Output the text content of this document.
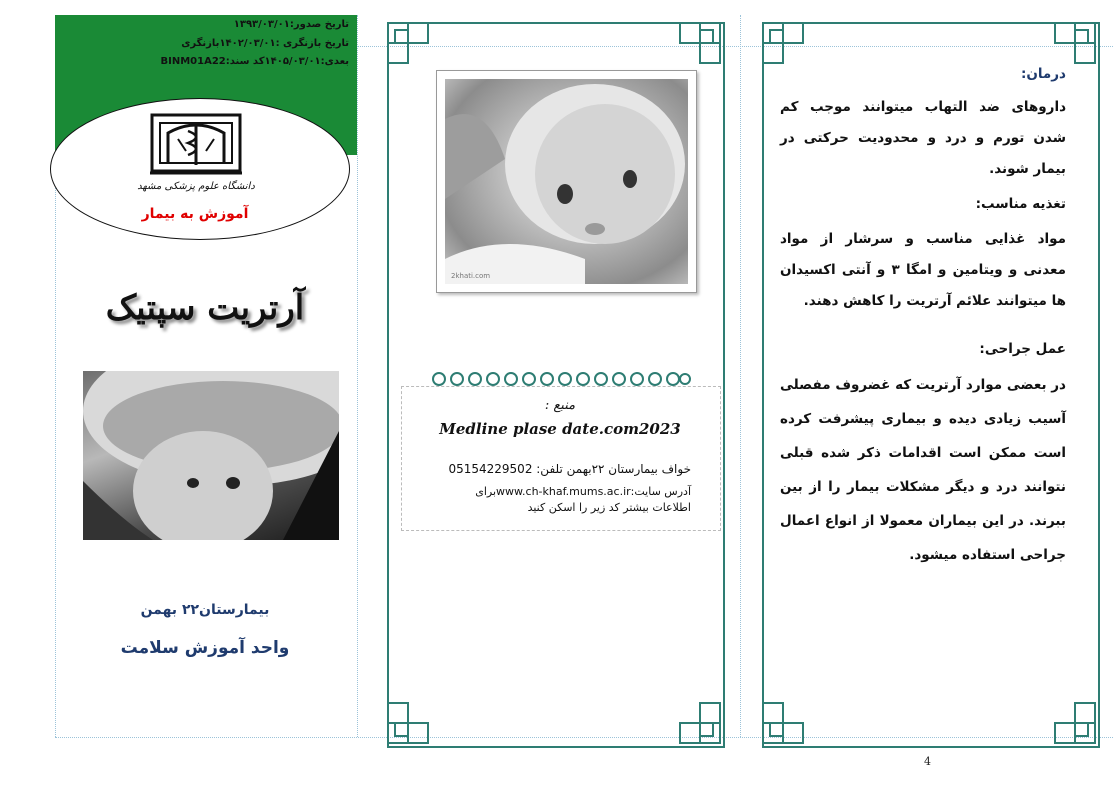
تاریخ صدور:۱۳۹۳/۰۳/۰۱
تاریخ بازنگری :۱۴۰۲/۰۳/۰۱بازنگری
بعدی:۱۴۰۵/۰۳/۰۱کد سند:BINM01A22
دانشگاه علوم پزشکی مشهد
آموزش به بیمار
آرتریت سپتیک
بیمارستان۲۲ بهمن
واحد آموزش سلامت
2khati.com
منبع :
Medline plase date.com2023
خواف بیمارستان ۲۲بهمن تلفن: 05154229502
آدرس سایت:www.ch-khaf.mums.ac.irبرای
اطلاعات بیشتر کد زیر را اسکن کنید
درمان:
داروهای ضد التهاب میتوانند موجب کم شدن تورم و درد و محدودیت حرکتی در بیمار شوند.
تغذیه مناسب:
مواد غذایی مناسب و سرشار از مواد معدنی و ویتامین و امگا ۳ و آنتی اکسیدان ها میتوانند علائم آرتریت را کاهش دهند.
عمل جراحی:
در بعضی موارد آرتریت که غضروف مفصلی آسیب زیادی دیده و بیماری پیشرفت کرده است ممکن است اقدامات ذکر شده قبلی نتوانند درد و دیگر مشکلات بیمار را از بین ببرند. در این بیماران معمولا از انواع اعمال جراحی استفاده میشود.
4
